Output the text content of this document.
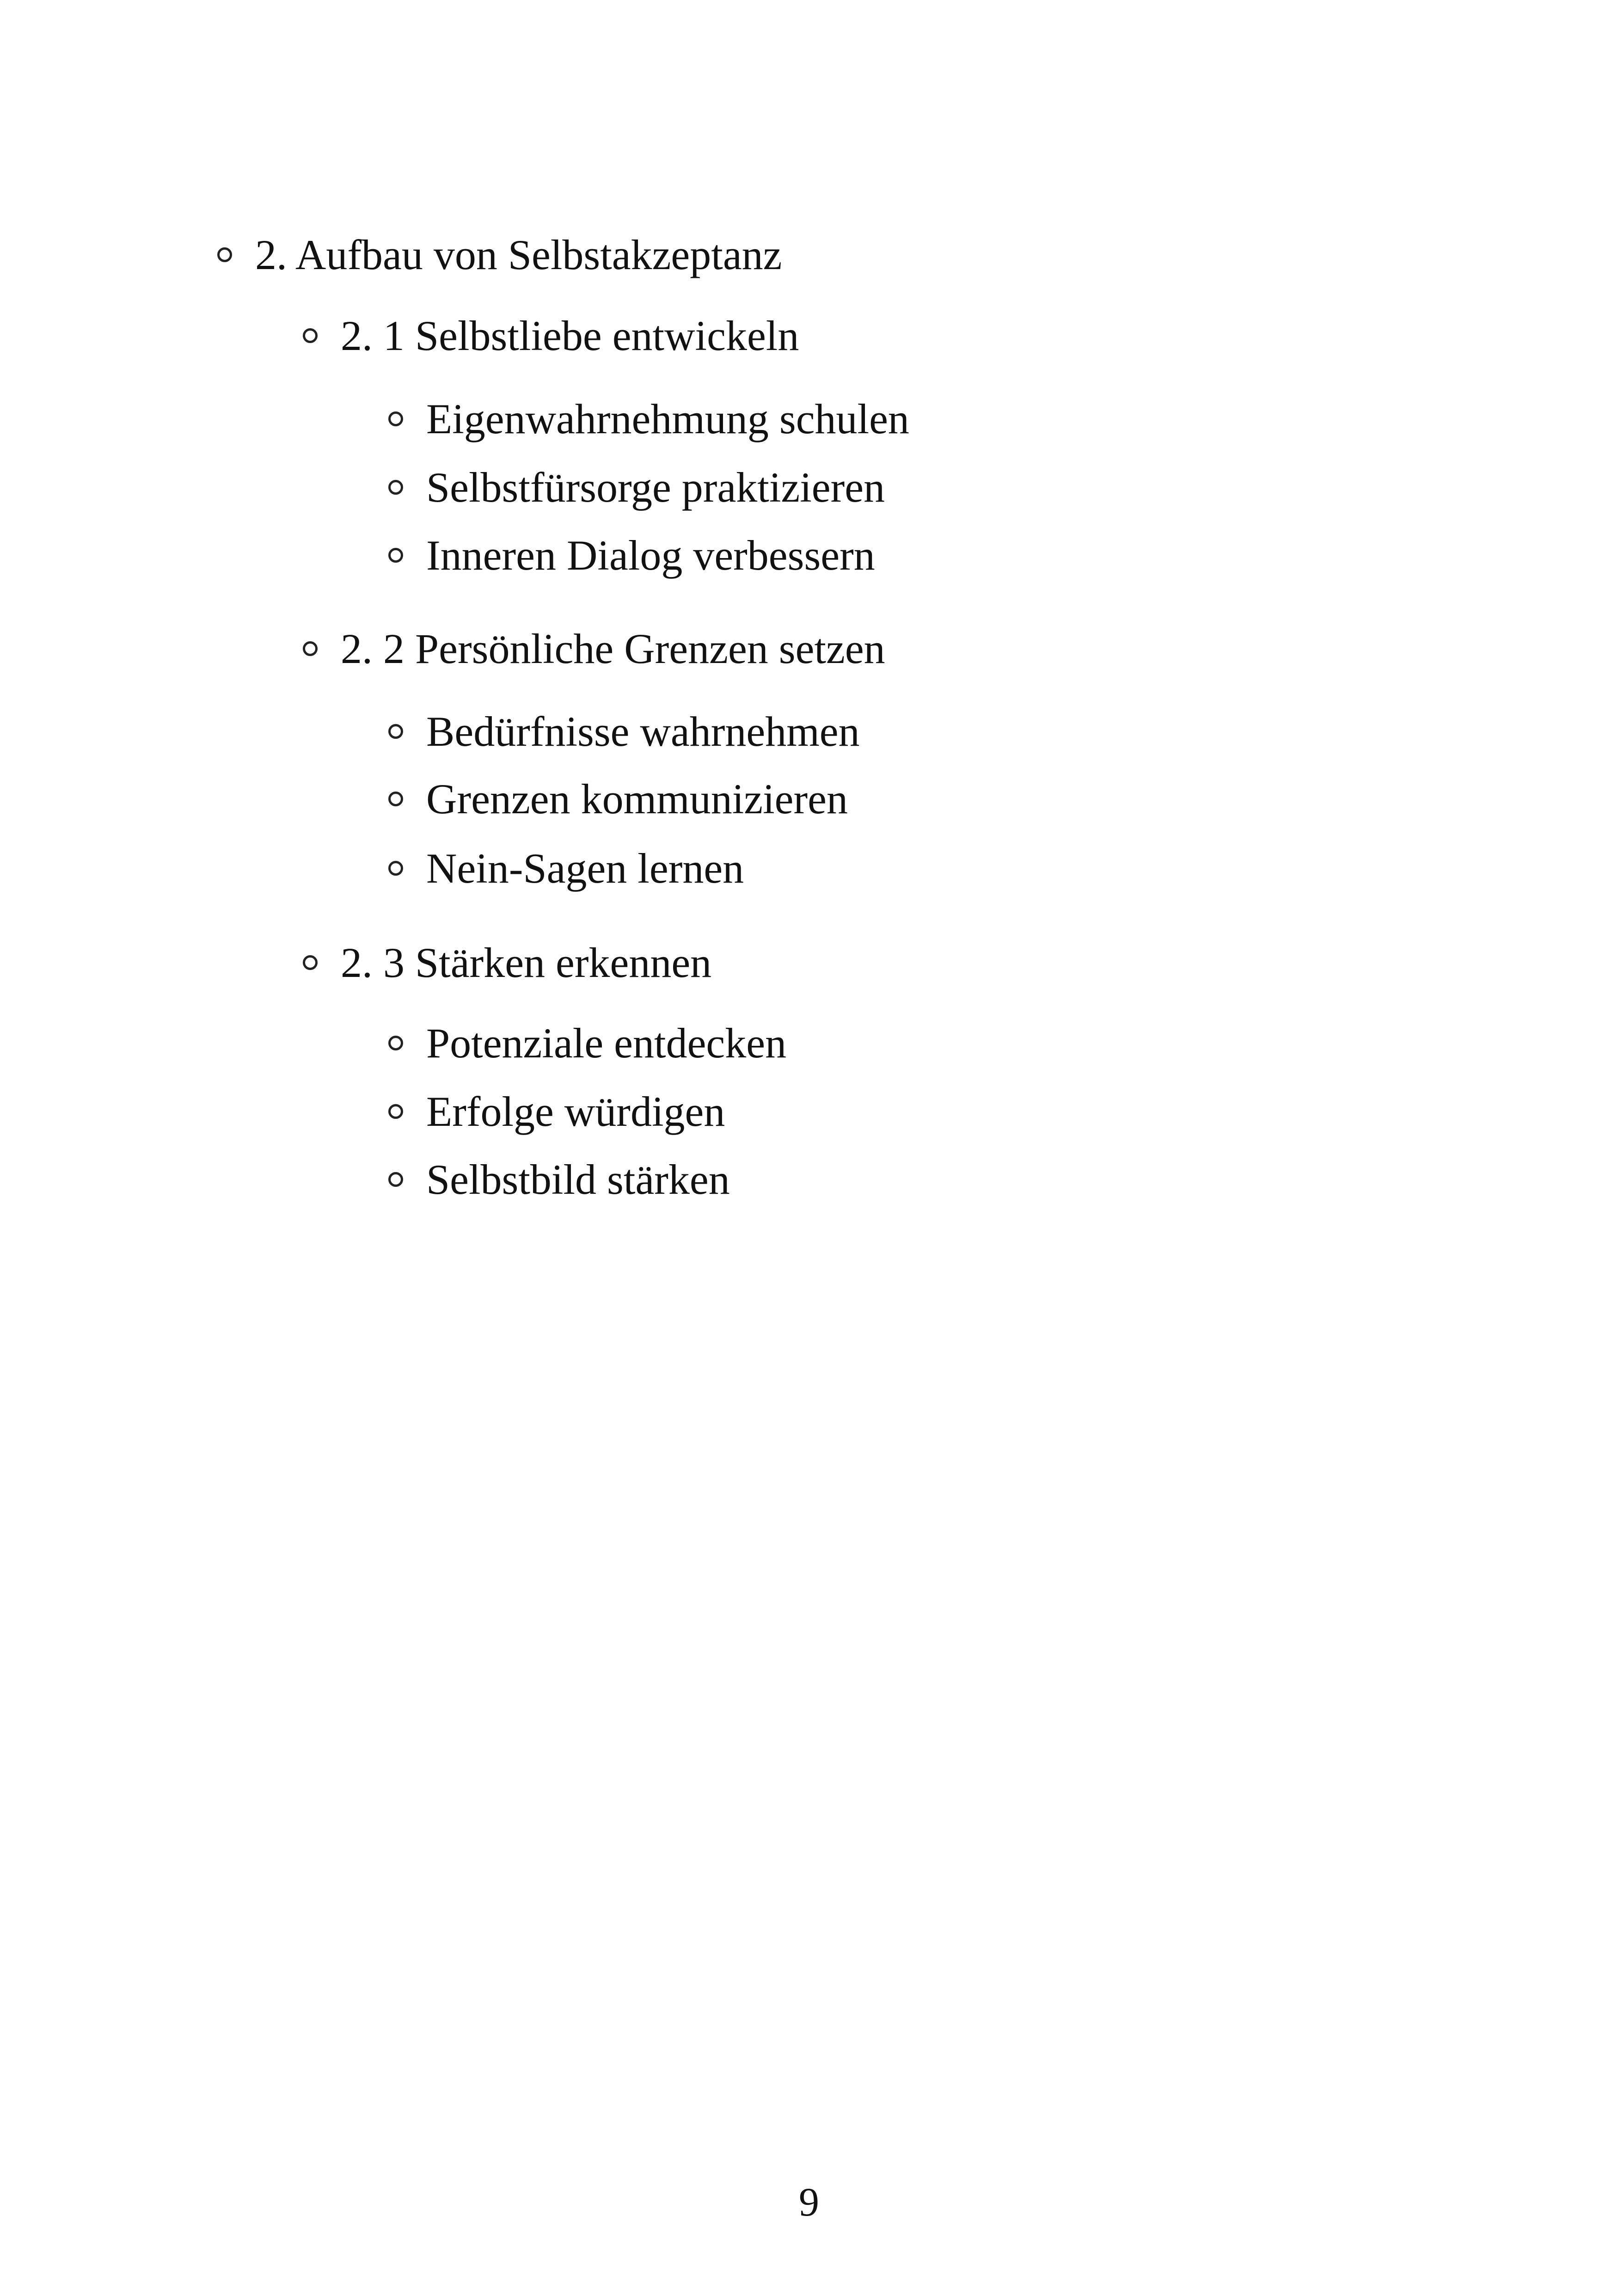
2. Aufbau von Selbstakzeptanz
2. 1 Selbstliebe entwickeln
Eigenwahrnehmung schulen
Selbstfürsorge praktizieren
Inneren Dialog verbessern
2. 2 Persönliche Grenzen setzen
Bedürfnisse wahrnehmen
Grenzen kommunizieren
Nein-Sagen lernen
2. 3 Stärken erkennen
Potenziale entdecken
Erfolge würdigen
Selbstbild stärken
9
